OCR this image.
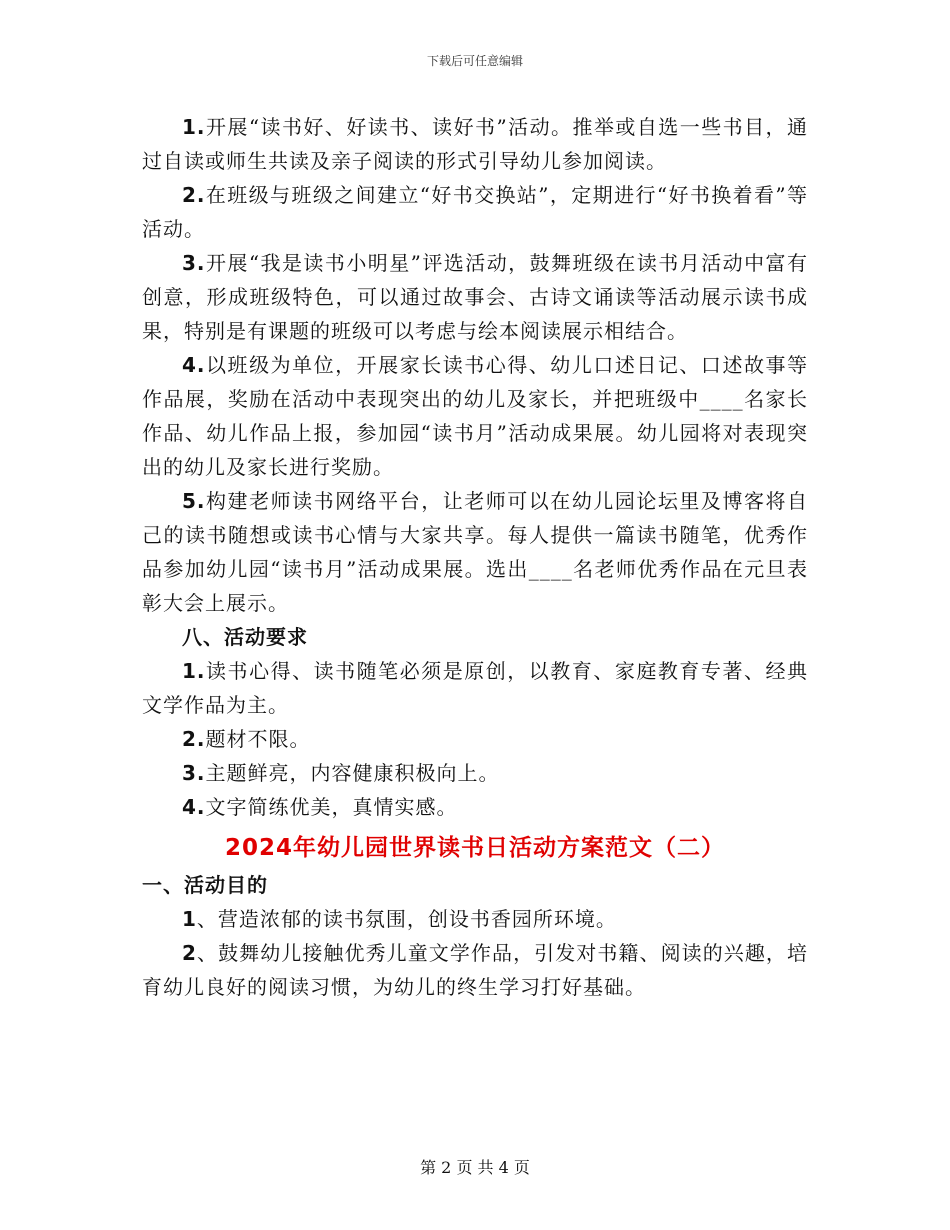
下载后可任意编辑

1.开展“读书好、好读书、读好书”活动。推举或自选一些书目，通过自读或师生共读及亲子阅读的形式引导幼儿参加阅读。

2.在班级与班级之间建立“好书交换站”，定期进行“好书换着看”等活动。

3.开展“我是读书小明星”评选活动，鼓舞班级在读书月活动中富有创意，形成班级特色，可以通过故事会、古诗文诵读等活动展示读书成果，特别是有课题的班级可以考虑与绘本阅读展示相结合。

4.以班级为单位，开展家长读书心得、幼儿口述日记、口述故事等作品展，奖励在活动中表现突出的幼儿及家长，并把班级中____名家长作品、幼儿作品上报，参加园“读书月”活动成果展。幼儿园将对表现突出的幼儿及家长进行奖励。

5.构建老师读书网络平台，让老师可以在幼儿园论坛里及博客将自己的读书随想或读书心情与大家共享。每人提供一篇读书随笔，优秀作品参加幼儿园“读书月”活动成果展。选出____名老师优秀作品在元旦表彰大会上展示。

八、活动要求

1.读书心得、读书随笔必须是原创，以教育、家庭教育专著、经典文学作品为主。

2.题材不限。

3.主题鲜亮，内容健康积极向上。

4.文字简练优美，真情实感。

2024年幼儿园世界读书日活动方案范文（二）

一、活动目的

1、营造浓郁的读书氛围，创设书香园所环境。

2、鼓舞幼儿接触优秀儿童文学作品，引发对书籍、阅读的兴趣，培育幼儿良好的阅读习惯，为幼儿的终生学习打好基础。

第 2 页 共 4 页
